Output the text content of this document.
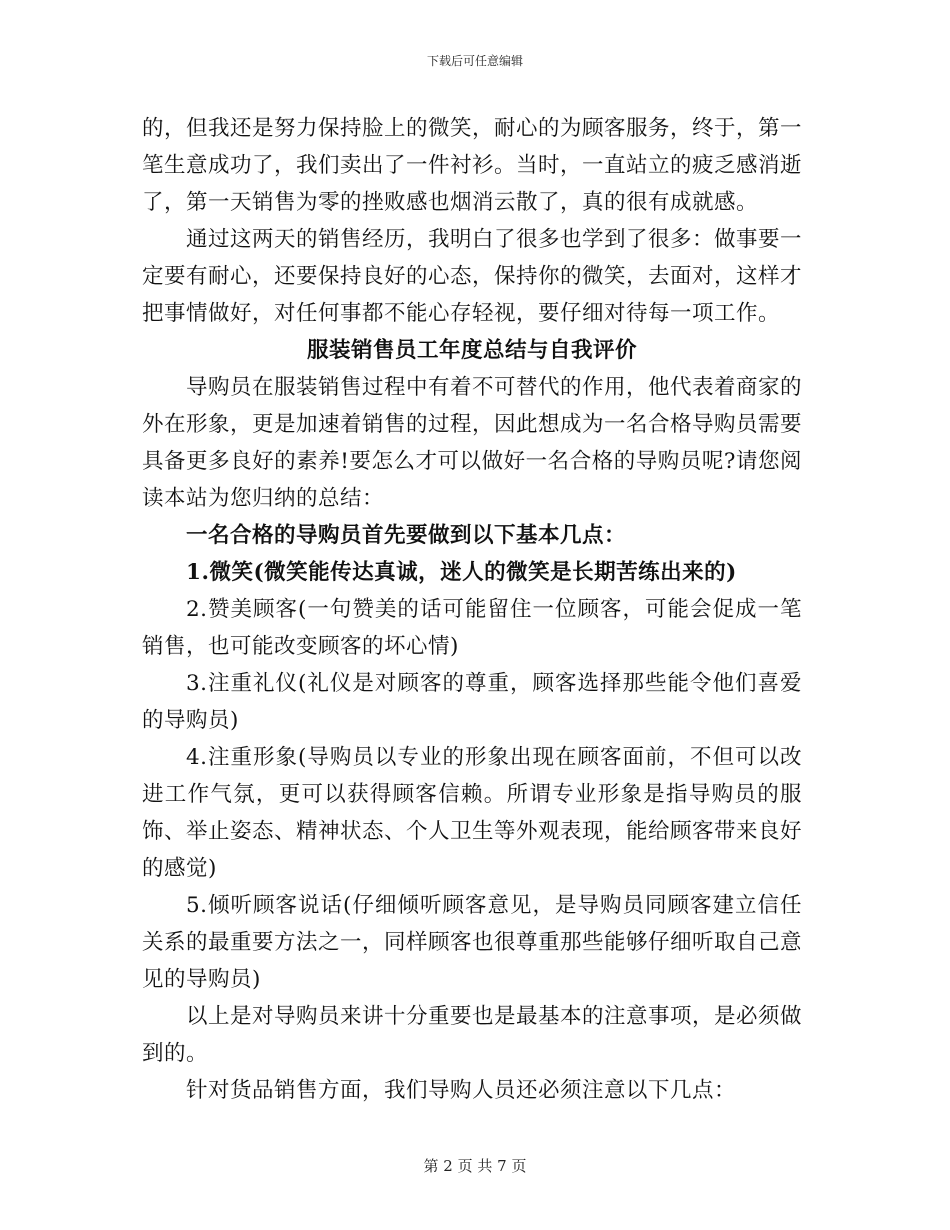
下载后可任意编辑

的，但我还是努力保持脸上的微笑，耐心的为顾客服务，终于，第一笔生意成功了，我们卖出了一件衬衫。当时，一直站立的疲乏感消逝了，第一天销售为零的挫败感也烟消云散了，真的很有成就感。

通过这两天的销售经历，我明白了很多也学到了很多：做事要一定要有耐心，还要保持良好的心态，保持你的微笑，去面对，这样才把事情做好，对任何事都不能心存轻视，要仔细对待每一项工作。

服装销售员工年度总结与自我评价

导购员在服装销售过程中有着不可替代的作用，他代表着商家的外在形象，更是加速着销售的过程，因此想成为一名合格导购员需要具备更多良好的素养!要怎么才可以做好一名合格的导购员呢?请您阅读本站为您归纳的总结：

一名合格的导购员首先要做到以下基本几点：

1.微笑(微笑能传达真诚，迷人的微笑是长期苦练出来的)

2.赞美顾客(一句赞美的话可能留住一位顾客，可能会促成一笔销售，也可能改变顾客的坏心情)

3.注重礼仪(礼仪是对顾客的尊重，顾客选择那些能令他们喜爱的导购员)

4.注重形象(导购员以专业的形象出现在顾客面前，不但可以改进工作气氛，更可以获得顾客信赖。所谓专业形象是指导购员的服饰、举止姿态、精神状态、个人卫生等外观表现，能给顾客带来良好的感觉)

5.倾听顾客说话(仔细倾听顾客意见，是导购员同顾客建立信任关系的最重要方法之一，同样顾客也很尊重那些能够仔细听取自己意见的导购员)

以上是对导购员来讲十分重要也是最基本的注意事项，是必须做到的。

针对货品销售方面，我们导购人员还必须注意以下几点：

第 2 页 共 7 页
